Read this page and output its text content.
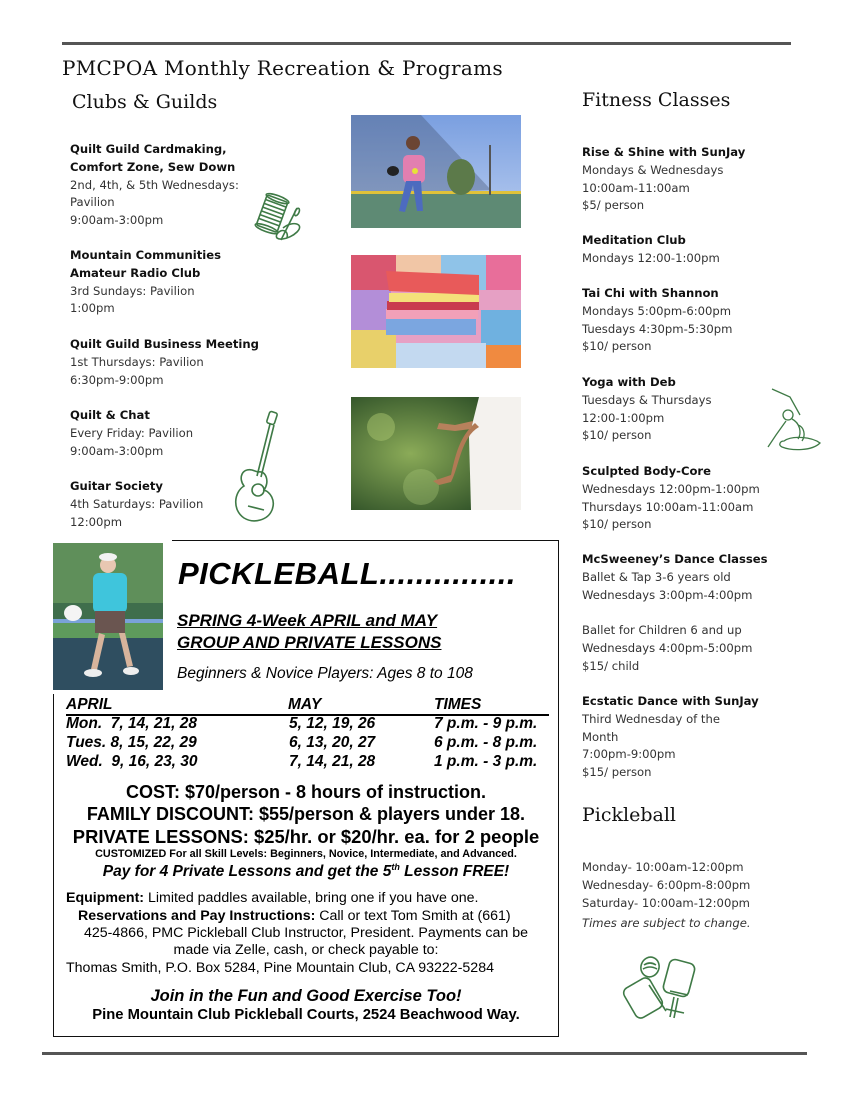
PMCPOA Monthly Recreation & Programs
Clubs & Guilds	Fitness Classes
Quilt Guild Cardmaking,
Comfort Zone, Sew Down
2nd, 4th, & 5th Wednesdays:
Pavilion
9:00am-3:00pm
Mountain Communities
Amateur Radio Club
3rd Sundays: Pavilion
1:00pm
Quilt Guild Business Meeting
1st Thursdays: Pavilion
6:30pm-9:00pm
Quilt & Chat
Every Friday: Pavilion
9:00am-3:00pm
Guitar Society
4th Saturdays: Pavilion
12:00pm
Rise & Shine with SunJay
Mondays & Wednesdays
10:00am-11:00am
$5/ person
Meditation Club
Mondays 12:00-1:00pm
Tai Chi with Shannon
Mondays 5:00pm-6:00pm
Tuesdays 4:30pm-5:30pm
$10/ person
Yoga with Deb
Tuesdays & Thursdays
12:00-1:00pm
$10/ person
Sculpted Body-Core
Wednesdays 12:00pm-1:00pm
Thursdays 10:00am-11:00am
$10/ person
McSweeney’s Dance Classes
Ballet & Tap 3-6 years old
Wednesdays 3:00pm-4:00pm
Ballet for Children 6 and up
Wednesdays 4:00pm-5:00pm
$15/ child
Ecstatic Dance with SunJay
Third Wednesday of the
Month
7:00pm-9:00pm
$15/ person
Pickleball
Monday- 10:00am-12:00pm
Wednesday- 6:00pm-8:00pm
Saturday- 10:00am-12:00pm
Times are subject to change.
PICKLEBALL...............
SPRING 4-Week APRIL and MAY
GROUP AND PRIVATE LESSONS
Beginners & Novice Players: Ages 8 to 108
APRIL	MAY	TIMES
Mon.  7, 14, 21, 28	5, 12, 19, 26	7 p.m. - 9 p.m.
Tues. 8, 15, 22, 29	6, 13, 20, 27	6 p.m. - 8 p.m.
Wed.  9, 16, 23, 30	7, 14, 21, 28	1 p.m. - 3 p.m.
COST: $70/person - 8 hours of instruction.
FAMILY DISCOUNT: $55/person & players under 18.
PRIVATE LESSONS: $25/hr. or $20/hr. ea. for 2 people
CUSTOMIZED For all Skill Levels: Beginners, Novice, Intermediate, and Advanced.
Pay for 4 Private Lessons and get the 5th Lesson FREE!
Equipment: Limited paddles available, bring one if you have one.
Reservations and Pay Instructions: Call or text Tom Smith at (661)
425-4866, PMC Pickleball Club Instructor, President. Payments can be
made via Zelle, cash, or check payable to:
Thomas Smith, P.O. Box 5284, Pine Mountain Club, CA 93222-5284
Join in the Fun and Good Exercise Too!
Pine Mountain Club Pickleball Courts, 2524 Beachwood Way.
